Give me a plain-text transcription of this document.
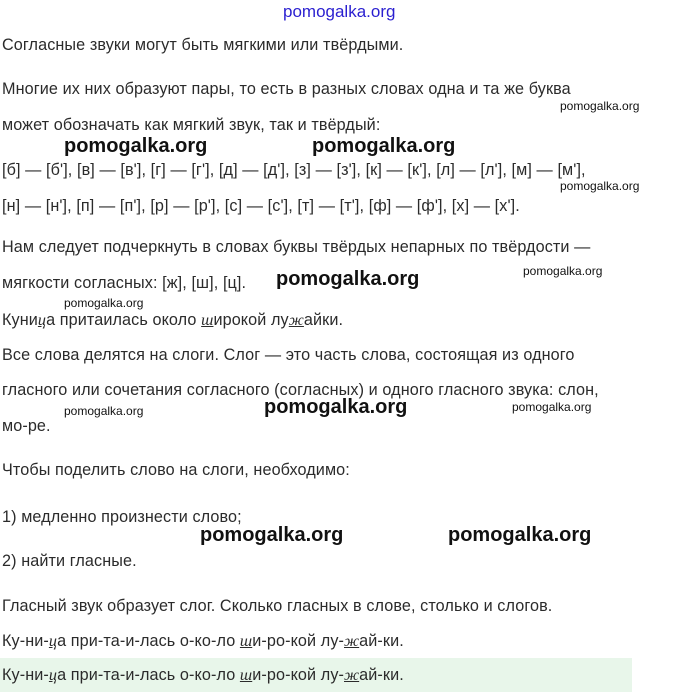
pomogalka.org
Согласные звуки могут быть мягкими или твёрдыми.
Многие их них образуют пары, то есть в разных словах одна и та же буква
может обозначать как мягкий звук, так и твёрдый:
[б] — [б'], [в] — [в'], [г] — [г'], [д] — [д'], [з] — [з'], [к] — [к'], [л] — [л'], [м] — [м'],
[н] — [н'], [п] — [п'], [р] — [р'], [с] — [с'], [т] — [т'], [ф] — [ф'], [х] — [х'].
Нам следует подчеркнуть в словах буквы твёрдых непарных по твёрдости —
мягкости согласных: [ж], [ш], [ц].
Куница притаилась около широкой лужайки.
Все слова делятся на слоги. Слог — это часть слова, состоящая из одного
гласного или сочетания согласного (согласных) и одного гласного звука: слон,
мо-ре.
Чтобы поделить слово на слоги, необходимо:
1) медленно произнести слово;
2) найти гласные.
Гласный звук образует слог. Сколько гласных в слове, столько и слогов.
Ку-ни-ца при-та-и-лась о-ко-ло ши-ро-кой лу-жай-ки.
Ку-ни-ца при-та-и-лась о-ко-ло ши-ро-кой лу-жай-ки.
pomogalka.org
pomogalka.org	pomogalka.org
pomogalka.org
pomogalka.org
pomogalka.org
pomogalka.org
pomogalka.org	pomogalka.org	pomogalka.org
pomogalka.org	pomogalka.org
